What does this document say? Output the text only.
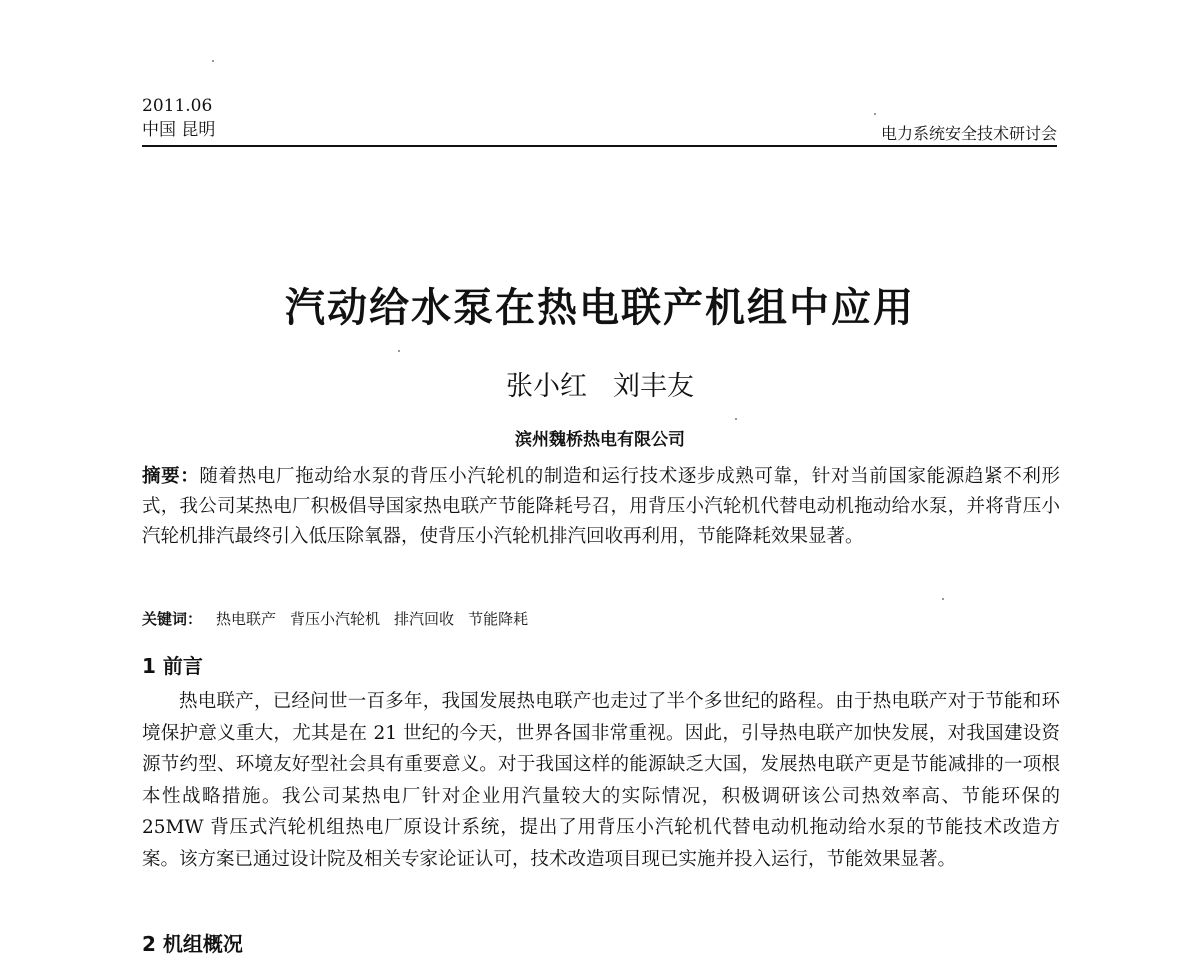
2011.06
中国 昆明	电力系统安全技术研讨会
汽动给水泵在热电联产机组中应用
张小红 刘丰友
滨州魏桥热电有限公司
摘要：随着热电厂拖动给水泵的背压小汽轮机的制造和运行技术逐步成熟可靠，针对当前国家能源趋紧不利形式，我公司某热电厂积极倡导国家热电联产节能降耗号召，用背压小汽轮机代替电动机拖动给水泵，并将背压小汽轮机排汽最终引入低压除氧器，使背压小汽轮机排汽回收再利用，节能降耗效果显著。
关键词： 热电联产 背压小汽轮机 排汽回收 节能降耗
1 前言
热电联产，已经问世一百多年，我国发展热电联产也走过了半个多世纪的路程。由于热电联产对于节能和环境保护意义重大，尤其是在 21 世纪的今天，世界各国非常重视。因此，引导热电联产加快发展，对我国建设资源节约型、环境友好型社会具有重要意义。对于我国这样的能源缺乏大国，发展热电联产更是节能减排的一项根本性战略措施。我公司某热电厂针对企业用汽量较大的实际情况，积极调研该公司热效率高、节能环保的 25MW 背压式汽轮机组热电厂原设计系统，提出了用背压小汽轮机代替电动机拖动给水泵的节能技术改造方案。该方案已通过设计院及相关专家论证认可，技术改造项目现已实施并投入运行，节能效果显著。
2 机组概况
